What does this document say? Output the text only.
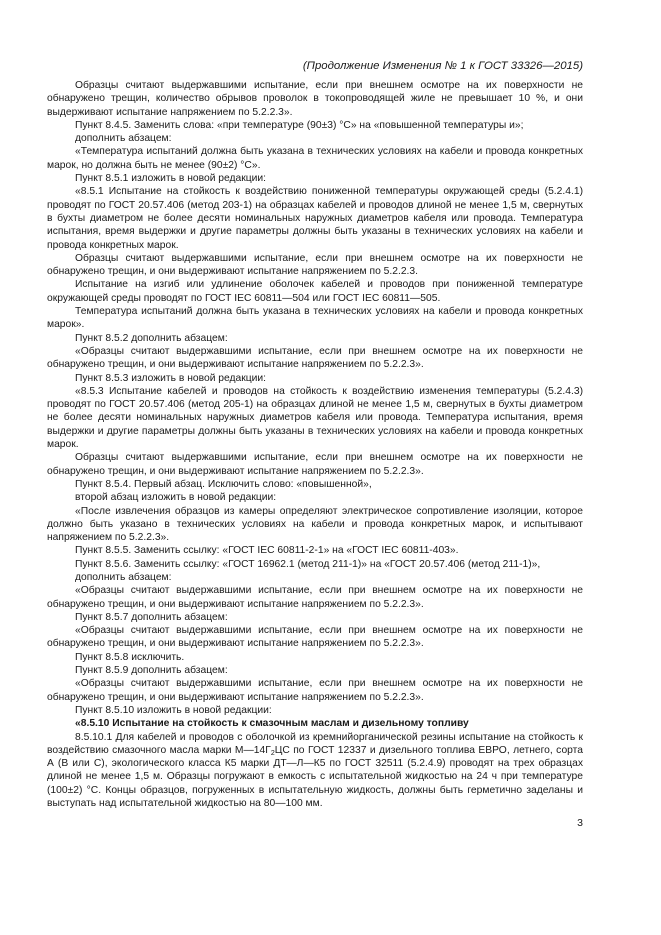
(Продолжение Изменения № 1 к ГОСТ 33326—2015)

Образцы считают выдержавшими испытание, если при внешнем осмотре на их поверхности не обнаружено трещин, количество обрывов проволок в токопроводящей жиле не превышает 10 %, и они выдерживают испытание напряжением по 5.2.2.3».

Пункт 8.4.5. Заменить слова: «при температуре (90±3) °С» на «повышенной температуры и»;

дополнить абзацем:

«Температура испытаний должна быть указана в технических условиях на кабели и провода конкретных марок, но должна быть не менее (90±2) °С».

Пункт 8.5.1 изложить в новой редакции:

«8.5.1 Испытание на стойкость к воздействию пониженной температуры окружающей среды (5.2.4.1) проводят по ГОСТ 20.57.406 (метод 203-1) на образцах кабелей и проводов длиной не менее 1,5 м, свернутых в бухты диаметром не более десяти номинальных наружных диаметров кабеля или провода. Температура испытания, время выдержки и другие параметры должны быть указаны в технических условиях на кабели и провода конкретных марок.

Образцы считают выдержавшими испытание, если при внешнем осмотре на их поверхности не обнаружено трещин, и они выдерживают испытание напряжением по 5.2.2.3.

Испытание на изгиб или удлинение оболочек кабелей и проводов при пониженной температуре окружающей среды проводят по ГОСТ IEC 60811—504 или ГОСТ IEC 60811—505.

Температура испытаний должна быть указана в технических условиях на кабели и провода конкретных марок».

Пункт 8.5.2 дополнить абзацем:

«Образцы считают выдержавшими испытание, если при внешнем осмотре на их поверхности не обнаружено трещин, и они выдерживают испытание напряжением по 5.2.2.3».

Пункт 8.5.3 изложить в новой редакции:

«8.5.3 Испытание кабелей и проводов на стойкость к воздействию изменения температуры (5.2.4.3) проводят по ГОСТ 20.57.406 (метод 205-1) на образцах длиной не менее 1,5 м, свернутых в бухты диаметром не более десяти номинальных наружных диаметров кабеля или провода. Температура испытания, время выдержки и другие параметры должны быть указаны в технических условиях на кабели и провода конкретных марок.

Образцы считают выдержавшими испытание, если при внешнем осмотре на их поверхности не обнаружено трещин, и они выдерживают испытание напряжением по 5.2.2.3».

Пункт 8.5.4. Первый абзац. Исключить слово: «повышенной»,

второй абзац изложить в новой редакции:

«После извлечения образцов из камеры определяют электрическое сопротивление изоляции, которое должно быть указано в технических условиях на кабели и провода конкретных марок, и испытывают напряжением по 5.2.2.3».

Пункт 8.5.5. Заменить ссылку: «ГОСТ IEC 60811-2-1» на «ГОСТ IEC 60811-403».

Пункт 8.5.6. Заменить ссылку: «ГОСТ 16962.1 (метод 211-1)» на «ГОСТ 20.57.406 (метод 211-1)»,

дополнить абзацем:

«Образцы считают выдержавшими испытание, если при внешнем осмотре на их поверхности не обнаружено трещин, и они выдерживают испытание напряжением по 5.2.2.3».

Пункт 8.5.7 дополнить абзацем:

«Образцы считают выдержавшими испытание, если при внешнем осмотре на их поверхности не обнаружено трещин, и они выдерживают испытание напряжением по 5.2.2.3».

Пункт 8.5.8 исключить.

Пункт 8.5.9 дополнить абзацем:

«Образцы считают выдержавшими испытание, если при внешнем осмотре на их поверхности не обнаружено трещин, и они выдерживают испытание напряжением по 5.2.2.3».

Пункт 8.5.10 изложить в новой редакции:

«8.5.10 Испытание на стойкость к смазочным маслам и дизельному топливу

8.5.10.1 Для кабелей и проводов с оболочкой из кремнийорганической резины испытание на стойкость к воздействию смазочного масла марки $М—14Г_2ЦС$ по ГОСТ 12337 и дизельного топлива ЕВРО, летнего, сорта А (В или С), экологического класса К5 марки ДТ—Л—К5 по ГОСТ 32511 (5.2.4.9) проводят на трех образцах длиной не менее 1,5 м. Образцы погружают в емкость с испытательной жидкостью на 24 ч при температуре (100±2) °С. Концы образцов, погруженных в испытательную жидкость, должны быть герметично заделаны и выступать над испытательной жидкостью на 80—100 мм.

3
